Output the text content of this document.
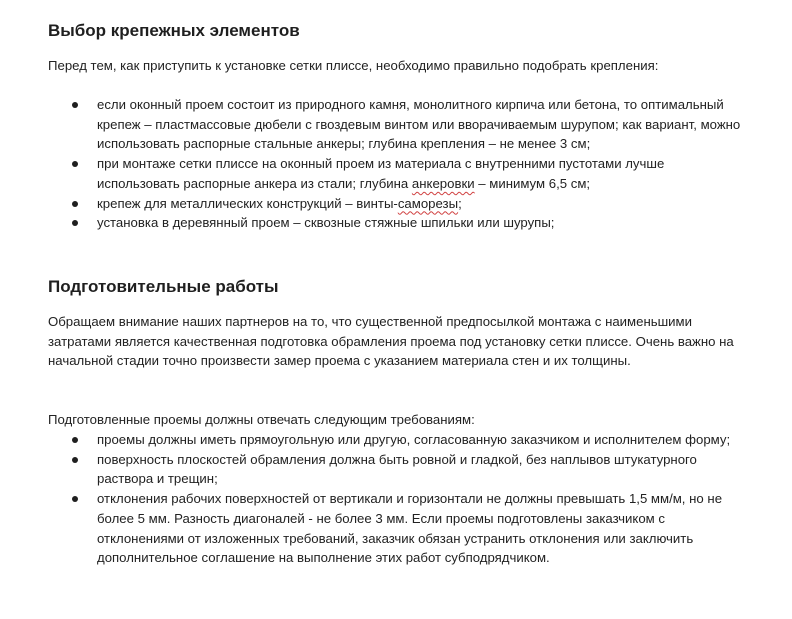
Выбор крепежных элементов

Перед тем, как приступить к установке сетки плиссе, необходимо правильно подобрать крепления:

если оконный проем состоит из природного камня, монолитного кирпича или бетона, то оптимальный крепеж – пластмассовые дюбели с гвоздевым винтом или вворачиваемым шурупом; как вариант, можно использовать распорные стальные анкеры; глубина крепления – не менее 3 см;
при монтаже сетки плиссе на оконный проем из материала с внутренними пустотами лучше использовать распорные анкера из стали; глубина анкеровки – минимум 6,5 см;
крепеж для металлических конструкций – винты-саморезы;
установка в деревянный проем – сквозные стяжные шпильки или шурупы;
Подготовительные работы

Обращаем внимание наших партнеров на то, что существенной предпосылкой монтажа с наименьшими затратами является качественная подготовка обрамления проема под установку сетки плиссе. Очень важно на начальной стадии точно произвести замер проема с указанием материала стен и их толщины.

Подготовленные проемы должны отвечать следующим требованиям:

проемы должны иметь прямоугольную или другую, согласованную заказчиком и исполнителем форму;
поверхность плоскостей обрамления должна быть ровной и гладкой, без наплывов штукатурного раствора и трещин;
отклонения рабочих поверхностей от вертикали и горизонтали не должны превышать 1,5 мм/м, но не более 5 мм. Разность диагоналей - не более 3 мм. Если проемы подготовлены заказчиком с отклонениями от изложенных требований, заказчик обязан устранить отклонения или заключить дополнительное соглашение на выполнение этих работ субподрядчиком.
